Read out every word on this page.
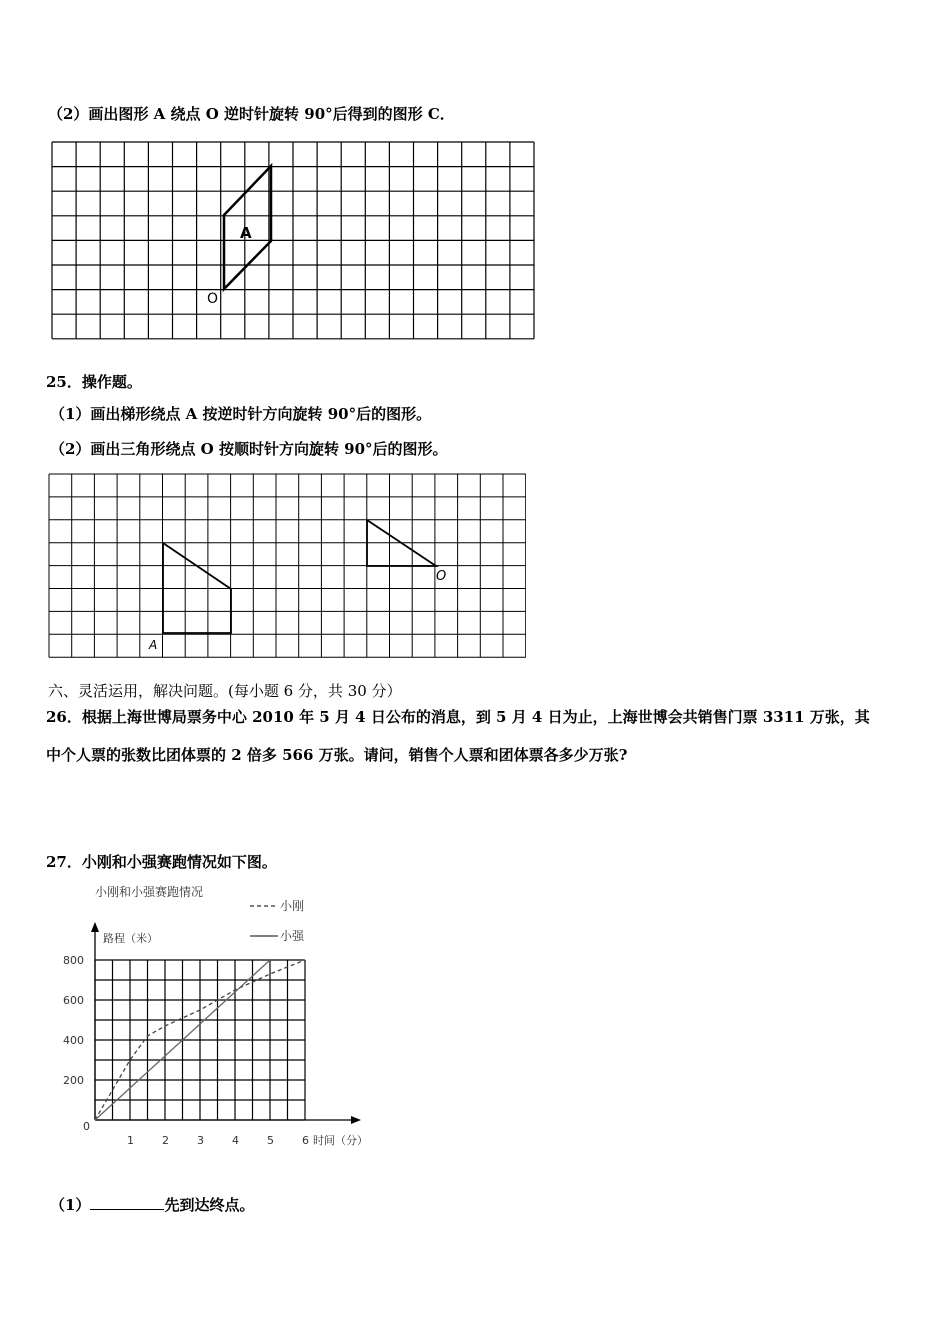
（2）画出图形 A 绕点 O 逆时针旋转 90°后得到的图形 C．
A
O
25．操作题。
（1）画出梯形绕点 A 按逆时针方向旋转 90°后的图形。
（2）画出三角形绕点 O 按顺时针方向旋转 90°后的图形。
A
O
六、灵活运用，解决问题。(每小题 6 分，共 30 分）
26．根据上海世博局票务中心 2010 年 5 月 4 日公布的消息，到 5 月 4 日为止，上海世博会共销售门票 3311 万张，其
中个人票的张数比团体票的 2 倍多 566 万张。请问，销售个人票和团体票各多少万张?
27．小刚和小强赛跑情况如下图。
小刚和小强赛跑情况
小刚
小强
路程（米）
时间（分）
0
1	2	3	4	5	6
200
400
600
800
（1）	先到达终点。
